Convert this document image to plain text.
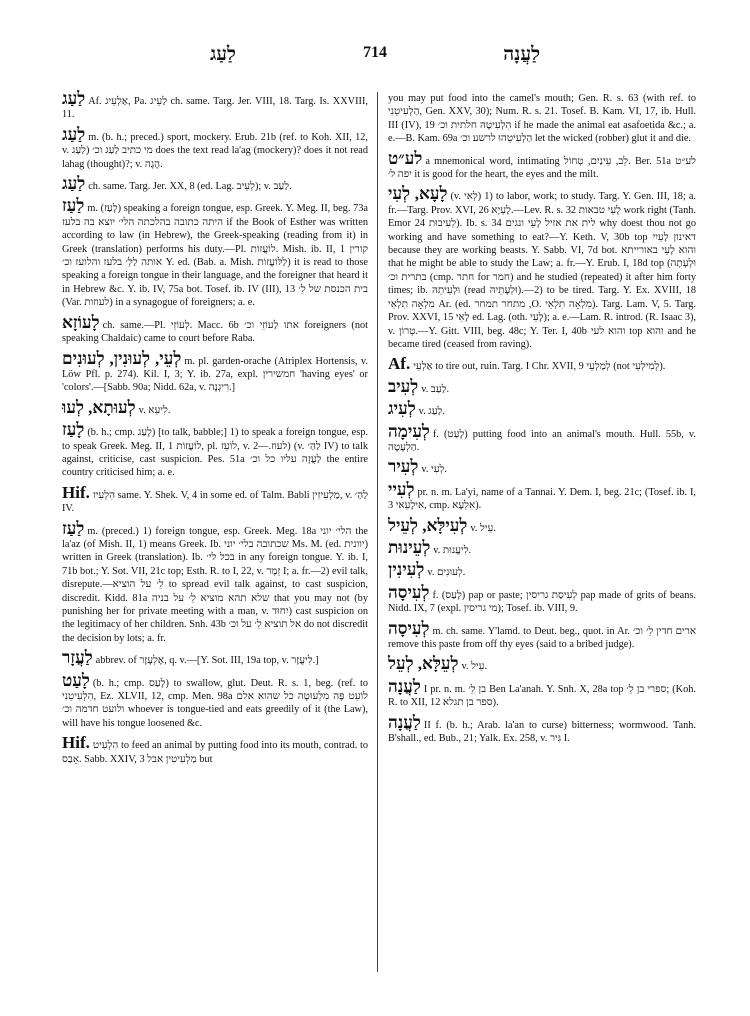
לַעַג	714	לַעֲנָה

לַעַג Af. אַלְעֵיג, Pa. לַעֵיג ch. same. Targ. Jer. VIII, 18. Targ. Is. XXVIII, 11.

לַעַג m. (b. h.; preced.) sport, mockery. Erub. 21b (ref. to Koh. XII, 12, v. לַעַג) מי כתיב לַעַג וכ׳ does the text read la'ag (mockery)? does it not read lahag (thought)?; v. הָגָה.

לַעַג ch. same. Targ. Jer. XX, 8 (ed. Lag. לְעֵיב); v. לַעַב.

לַעַז m. (לָעַז) speaking a foreign tongue, esp. Greek. Y. Meg. II, beg. 73a היתה כתובה בהלכתה הלי׳ יוצא בה בלעז if the Book of Esther was written according to law (in Hebrew), the Greek-speaking (reading from it) in Greek (translation) performs his duty.—Pl. לוֹעֲזוֹת. Mish. ib. II, 1 קורין אותה לַלְּ׳ בלעז והלועז וכ׳ Y. ed. (Bab. a. Mish. לַלּוֹעֲזוֹת) it is read to those speaking a foreign tongue in their language, and the foreigner that heard it in Hebrew &c. Y. ib. IV, 75a bot. Tosef. ib. IV (III), 13 בית הכנסת של לֵ׳ (Var. לעוזות) in a synagogue of foreigners; a. e.

לָעוֹזָא ch. same.—Pl. לְעוֹזֵי. Macc. 6b אתו לַעוֹזֵי וכ׳ foreigners (not speaking Chaldaic) came to court before Raba.

לְעֵי, לְעוּנִין, לְעוּנִים m. pl. garden-orache (Atriplex Hortensis, v. Löw Pfl. p. 274). Kil. I, 3; Y. ib. 27a, expl. חמשירין 'having eyes' or 'colors'.—[Sabb. 90a; Nidd. 62a, v. רִיגְנָה.]

לְעוּתָא, לְעוּ v. לִיעֵא.

לָעַז (b. h.; cmp. לָעַג) [to talk, babble;] 1) to speak a foreign tongue, esp. to speak Greek. Meg. II, 1 לוֹעֲזוֹת, pl. לוֹעֵז, v. לעוז.—2) (v. לַהַ׳ IV) to talk against, criticise, cast suspicion. Pes. 51a לַעֲזָה עליו כל וכ׳ the entire country criticised him; a. e.

Hif. הִלְעִיז same. Y. Shek. V, 4 in some ed. of Talm. Babli מַלְעִיזִין, v. לַהַ׳ IV.

לַעַז m. (preced.) 1) foreign tongue, esp. Greek. Meg. 18a הלי׳ יוני the la'az (of Mish. II, 1) means Greek. Ib. שכתובה בלי׳ יוני Ms. M. (ed. יוונית) written in Greek (translation). Ib. בכל לי׳ in any foreign tongue. Y. ib. I, 71b bot.; Y. Sot. VII, 21c top; Esth. R. to I, 22, v. זֵמֶר I; a. fr.—2) evil talk, disrepute.—לֵ׳ על הוציא to spread evil talk against, to cast suspicion, discredit. Kidd. 81a שלא תהא מוציא לֵ׳ על בניה that you may not (by punishing her for private meeting with a man, v. יִחוּד) cast suspicion on the legitimacy of her children. Snh. 43b אל תוציא לֵ׳ על וכ׳ do not discredit the decision by lots; a. fr.

לַעֲזָר abbrev. of אֶלְעָזָר, q. v.—[Y. Sot. III, 19a top, v. לִיעֲזָר.]

לָעַט (b. h.; cmp. לָעַס) to swallow, glut. Deut. R. s. 1, beg. (ref. to הִלְעִיטֵנִי, Ez. XLVII, 12, cmp. Men. 98a לוֹעֵט פֶּה מִלְּעוּטָה כל שהוא אלם ולועט חדמה וכ׳ whoever is tongue-tied and eats greedily of it (the Law), will have his tongue loosened &c.

Hif. הִלְעִיט to feed an animal by putting food into its mouth, contrad. to אָבַס. Sabb. XXIV, 3 מַלְעִיטִין אבל but

you may put food into the camel's mouth; Gen. R. s. 63 (with ref. to הַלְעִיטֵנִי, Gen. XXV, 30); Num. R. s. 21. Tosef. B. Kam. VI, 17, ib. Hull. III (IV), 19 הִלְעִיטָהּ חלתית וכ׳ if he made the animal eat asafoetida &c.; a. e.—B. Kam. 69a הַלְעִיטֵהוּ לרשע וכ׳ let the wicked (robber) glut it and die.

לע״ט a mnemonical word, intimating לֵב, עֵינַיִם, טְחוֹל. Ber. 51a לע״ט יפה ל׳ it is good for the heart, the eyes and the milt.

לָעָא, לְעִי (v. לְאִי) 1) to labor, work; to study. Targ. Y. Gen. III, 18; a. fr.—Targ. Prov. XVI, 26 לָעְיָא.—Lev. R. s. 32 לָעֵי טבאות work right (Tanh. Emor 24 לְעִיבוּת). Ib. s. 34 לית את אזיל לָעֵי ונגים why doest thou not go working and have something to eat?—Y. Keth. V, 30b top דאינון לָעֵיִי because they are working beasts. Y. Sabb. VI, 7d bot. והוא לָעֵי באורייתא that he might be able to study the Law; a. fr.—Y. Erub. I, 18d top (וּלְעָתָה בתרית וכ׳ (cmp. חתר for חמר) and he studied (repeated) it after him forty times; ib. וּלְעֵיתֵהּ (read וּלְעָתֵיהּ).—2) to be tired. Targ. Y. Ex. XVIII, 18 מִלְאָה תִלְאֵי Ar. (ed. מתחר תמחר ,O. מִלְאָה תִלְאֵי). Targ. Lam. V, 5. Targ. Prov. XXVI, 15 לָאֵי ed. Lag. (oth. לָעֵי); a. e.—Lam. R. introd. (R. Isaac 3), v. טְרוֹן.—Y. Gitt. VIII, beg. 48c; Y. Ter. I, 40b והוא לעי top והוא and he became tired (ceased from raving).

Af. אַלְעֵי to tire out, ruin. Targ. I Chr. XVII, 9 לְמַלְעֵי (not לְמִילְעֵי).

לְעִיב v. לַעַב.

לְעִיג v. לַעַג.

לְעִימָה f. (לָעַט) putting food into an animal's mouth. Hull. 55b, v. הַלְעָטָה.

לְעִיר v. לְעִי.

לְעִיי pr. n. m. La'yi, name of a Tannai. Y. Dem. I, beg. 21c; (Tosef. ib. I, 3 אִילָעֵאי, cmp. אִלְעָא).

לְעִילָּא, לְעֵיל v. עֵיל.

לְעֵינוּת v. לִיעֲנוּת.

לְעִינִין v. לְעוּנִים.

לְעִיסָה f. (לָעַס) pap or paste; לְעִיסַת גריסין pap made of grits of beans. Nidd. IX, 7 (expl. מי גריסין); Tosef. ib. VIII, 9.

לְעִיסָה m. ch. same. Y'lamd. to Deut. beg., quot. in Ar. ארים חדין לֵ׳ וכ׳ remove this paste from off thy eyes (said to a bribed judge).

לְעֵלָּא, לְעֵל v. עֵיל.

לַעֲנָה I pr. n. m. בן לֵ׳ Ben La'anah. Y. Snh. X, 28a top ספרי בן לֵ׳; (Koh. R. to XII, 12 ספר בן תגלא).

לַעֲנָה II f. (b. h.; Arab. la'an to curse) bitterness; wormwood. Tanh. B'shall., ed. Bub., 21; Yalk. Ex. 258, v. גִּיר I.
